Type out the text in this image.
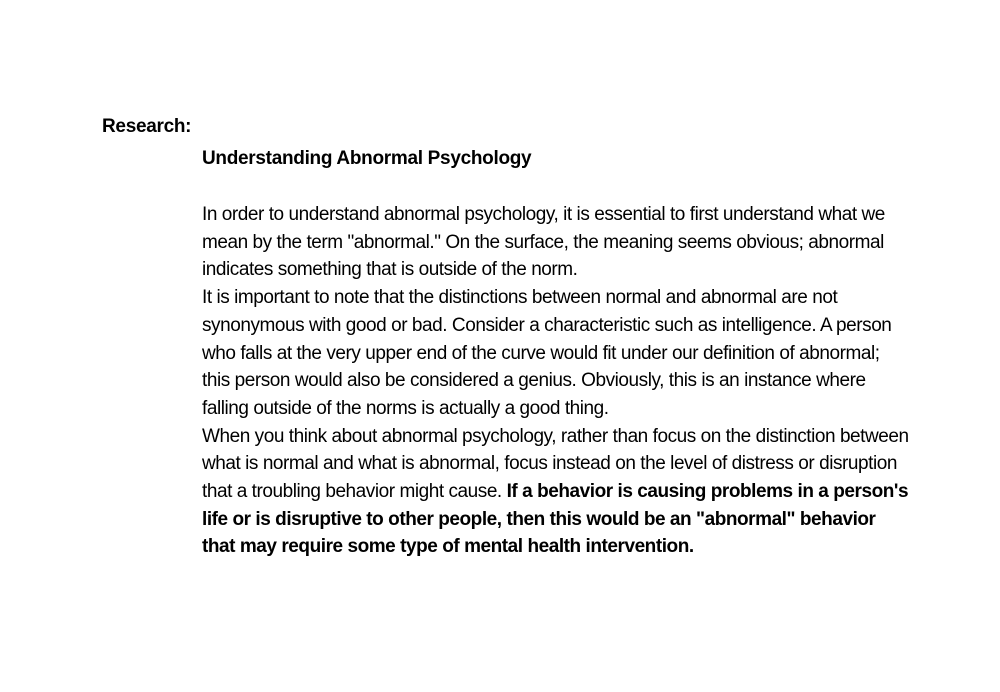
Research:
Understanding Abnormal Psychology

In order to understand abnormal psychology, it is essential to first understand what we mean by the term "abnormal." On the surface, the meaning seems obvious; abnormal indicates something that is outside of the norm.

It is important to note that the distinctions between normal and abnormal are not synonymous with good or bad. Consider a characteristic such as intelligence. A person who falls at the very upper end of the curve would fit under our definition of abnormal; this person would also be considered a genius. Obviously, this is an instance where falling outside of the norms is actually a good thing.

When you think about abnormal psychology, rather than focus on the distinction between what is normal and what is abnormal, focus instead on the level of distress or disruption that a troubling behavior might cause. If a behavior is causing problems in a person's life or is disruptive to other people, then this would be an "abnormal" behavior that may require some type of mental health intervention.
